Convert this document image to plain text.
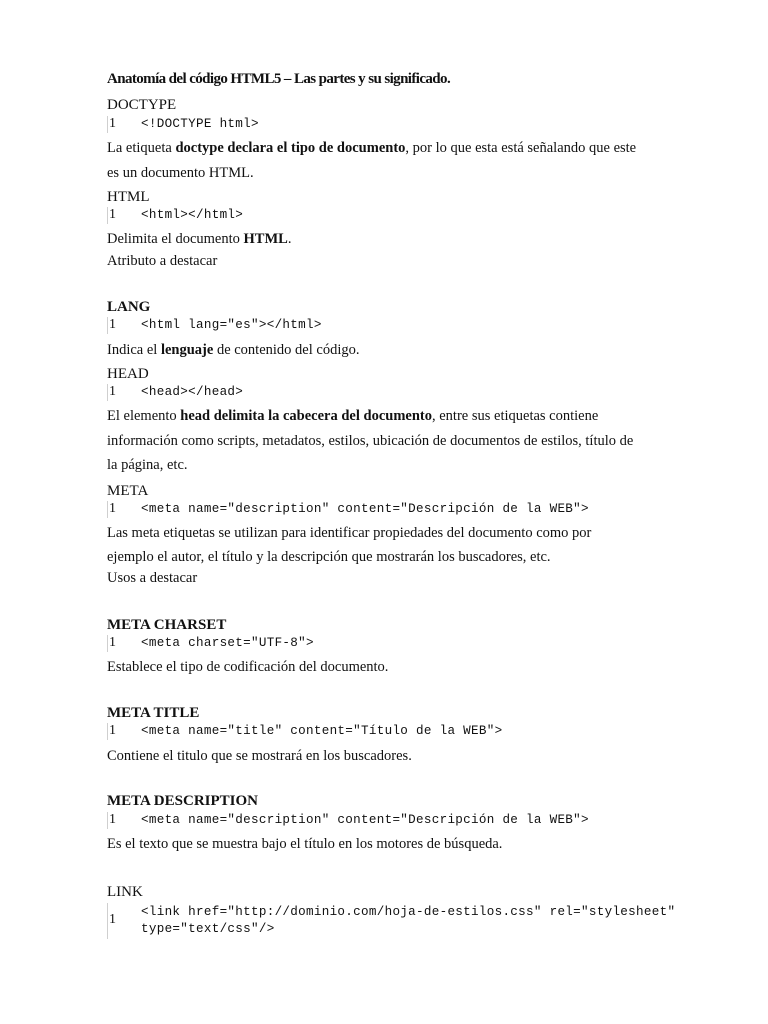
Anatomía del código HTML5 – Las partes y su significado.
DOCTYPE
1 <!DOCTYPE html>
La etiqueta doctype declara el tipo de documento, por lo que esta está señalando que este
es un documento HTML.
HTML
1 <html></html>
Delimita el documento HTML.
Atributo a destacar
LANG
1 <html lang="es"></html>
Indica el lenguaje de contenido del código.
HEAD
1 <head></head>
El elemento head delimita la cabecera del documento, entre sus etiquetas contiene
información como scripts, metadatos, estilos, ubicación de documentos de estilos, título de
la página, etc.
META
1 <meta name="description" content="Descripción de la WEB">
Las meta etiquetas se utilizan para identificar propiedades del documento como por
ejemplo el autor, el título y la descripción que mostrarán los buscadores, etc.
Usos a destacar
META CHARSET
1 <meta charset="UTF-8">
Establece el tipo de codificación del documento.
META TITLE
1 <meta name="title" content="Título de la WEB">
Contiene el titulo que se mostrará en los buscadores.
META DESCRIPTION
1 <meta name="description" content="Descripción de la WEB">
Es el texto que se muestra bajo el título en los motores de búsqueda.
LINK
1 <link href="http://dominio.com/hoja-de-estilos.css" rel="stylesheet"
type="text/css"/>
